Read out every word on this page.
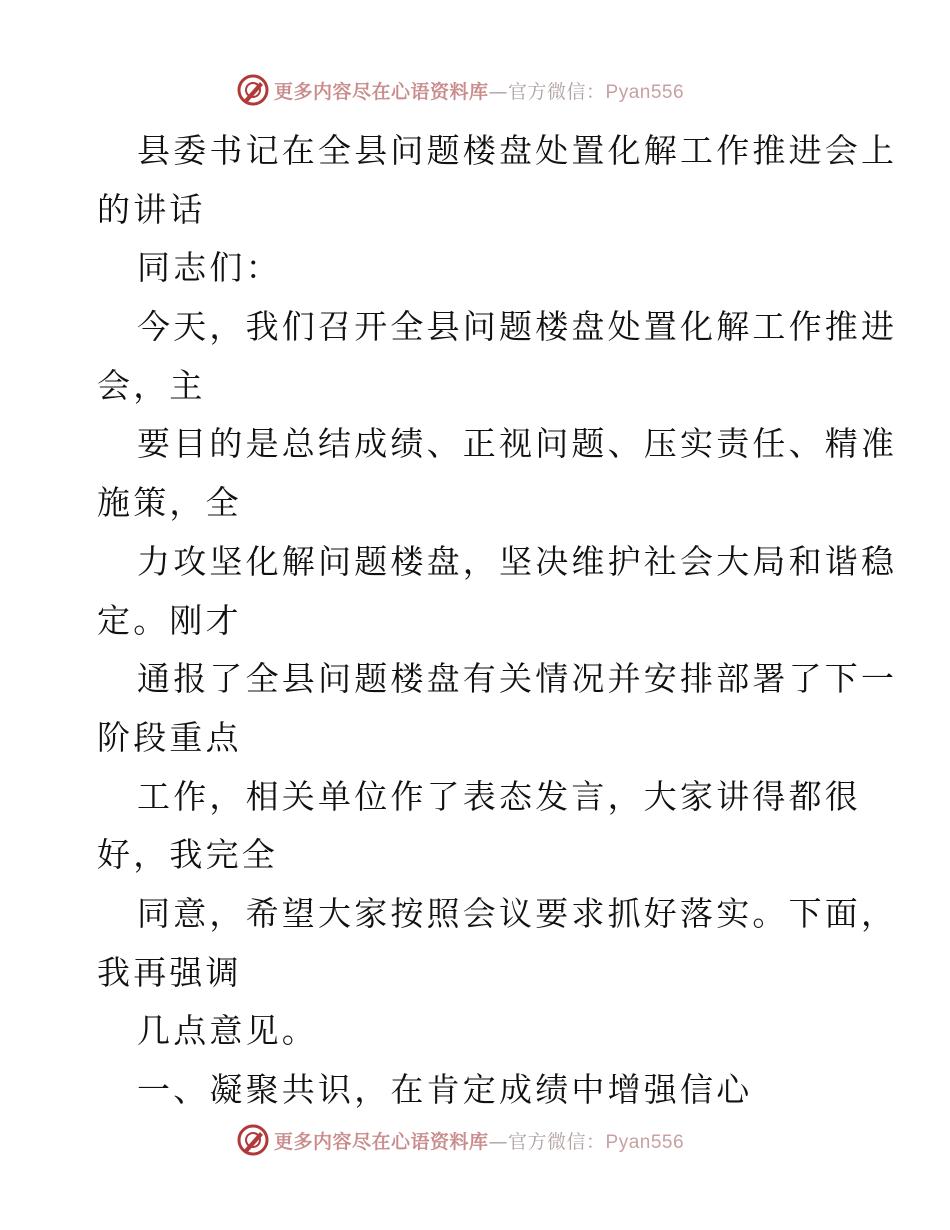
更多内容尽在心语资料库—官方微信：Pyan556
县委书记在全县问题楼盘处置化解工作推进会上
的讲话
同志们：
今天，我们召开全县问题楼盘处置化解工作推进
会，主
要目的是总结成绩、正视问题、压实责任、精准
施策，全
力攻坚化解问题楼盘，坚决维护社会大局和谐稳
定。刚才
通报了全县问题楼盘有关情况并安排部署了下一
阶段重点
工作，相关单位作了表态发言，大家讲得都很
好，我完全
同意，希望大家按照会议要求抓好落实。下面，
我再强调
几点意见。
一、凝聚共识，在肯定成绩中增强信心
更多内容尽在心语资料库—官方微信：Pyan556
